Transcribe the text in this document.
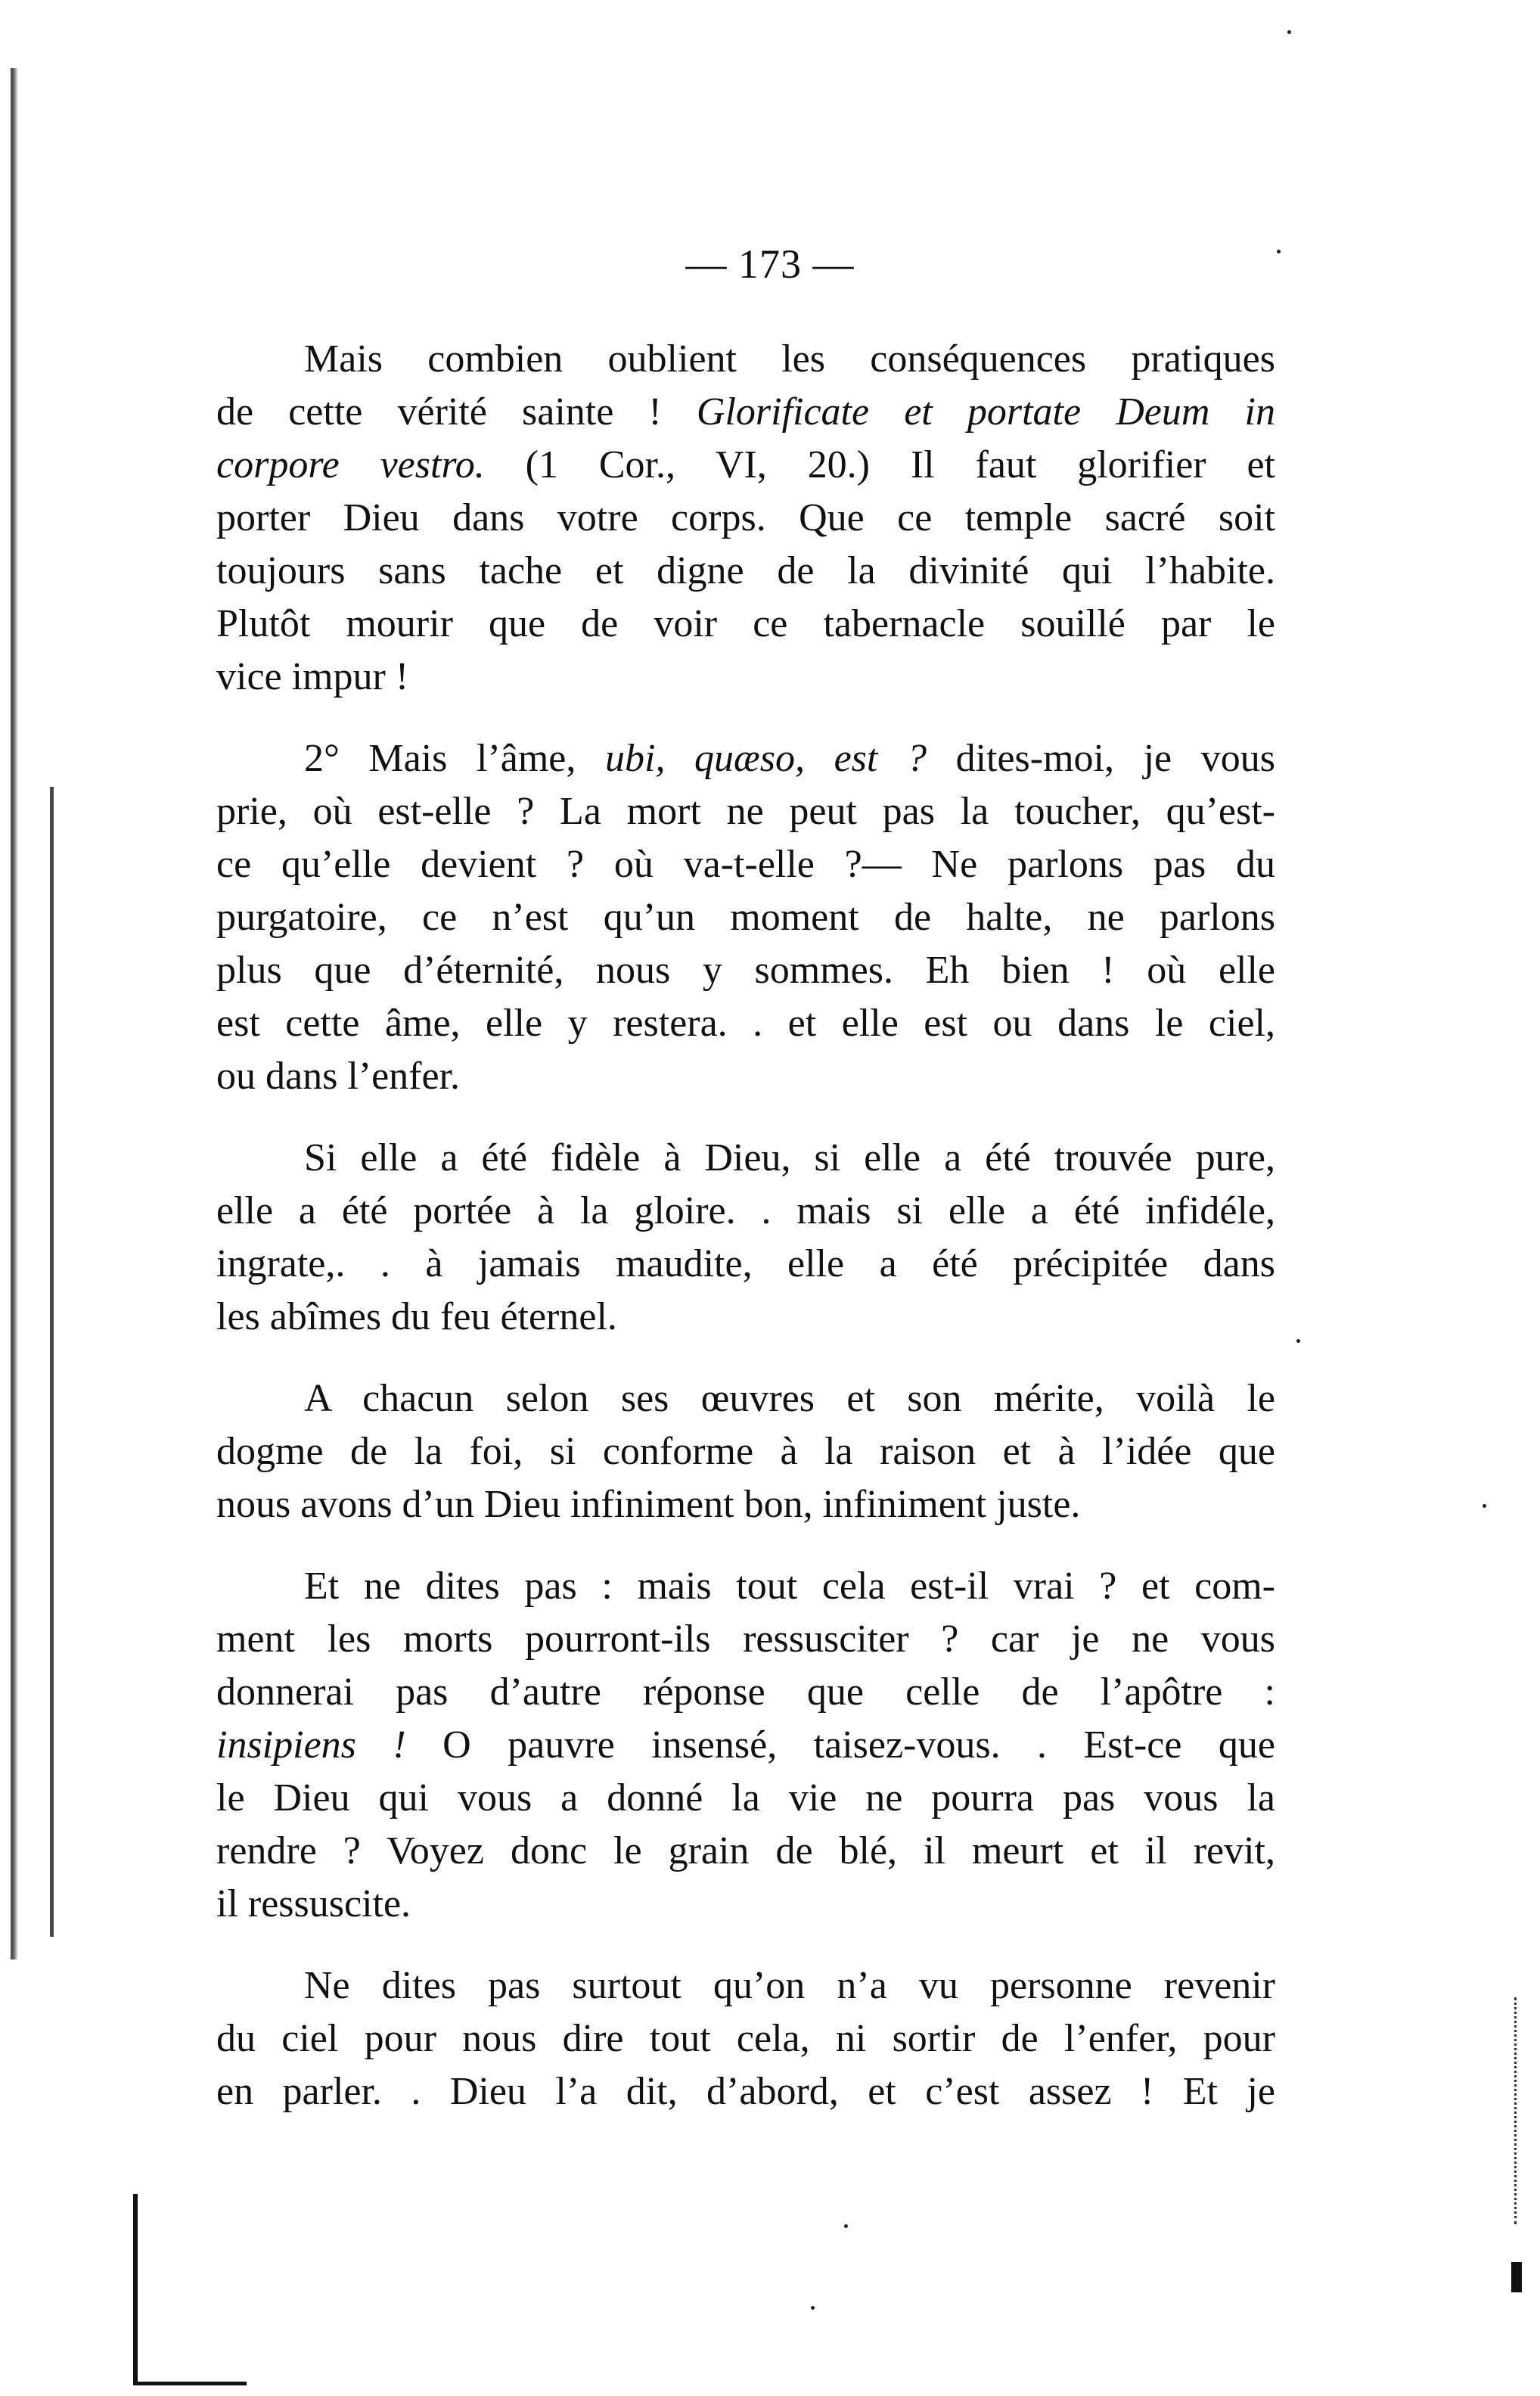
— 173 —
Mais combien oublient les conséquences pratiques
de cette vérité sainte ! Glorificate et portate Deum in
corpore vestro. (1 Cor., VI, 20.) Il faut glorifier et
porter Dieu dans votre corps. Que ce temple sacré soit
toujours sans tache et digne de la divinité qui l’habite.
Plutôt mourir que de voir ce tabernacle souillé par le
vice impur !
2° Mais l’âme, ubi, quæso, est ? dites-moi, je vous
prie, où est-elle ? La mort ne peut pas la toucher, qu’est-
ce qu’elle devient ? où va-t-elle ?— Ne parlons pas du
purgatoire, ce n’est qu’un moment de halte, ne parlons
plus que d’éternité, nous y sommes. Eh bien ! où elle
est cette âme, elle y restera. . et elle est ou dans le ciel,
ou dans l’enfer.
Si elle a été fidèle à Dieu, si elle a été trouvée pure,
elle a été portée à la gloire. . mais si elle a été infidéle,
ingrate,. . à jamais maudite, elle a été précipitée dans
les abîmes du feu éternel.
A chacun selon ses œuvres et son mérite, voilà le
dogme de la foi, si conforme à la raison et à l’idée que
nous avons d’un Dieu infiniment bon, infiniment juste.
Et ne dites pas : mais tout cela est-il vrai ? et com-
ment les morts pourront-ils ressusciter ? car je ne vous
donnerai pas d’autre réponse que celle de l’apôtre :
insipiens ! O pauvre insensé, taisez-vous. . Est-ce que
le Dieu qui vous a donné la vie ne pourra pas vous la
rendre ? Voyez donc le grain de blé, il meurt et il revit,
il ressuscite.
Ne dites pas surtout qu’on n’a vu personne revenir
du ciel pour nous dire tout cela, ni sortir de l’enfer, pour
en parler. . Dieu l’a dit, d’abord, et c’est assez ! Et je
